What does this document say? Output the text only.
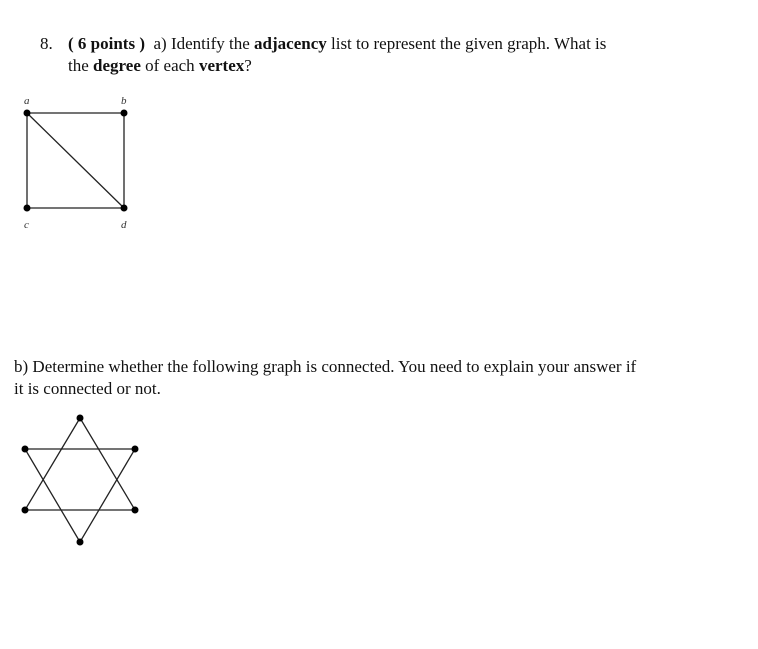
8. ( 6 points ) a) Identify the adjacency list to represent the given graph. What is
the degree of each vertex?
a	b
c	d
b) Determine whether the following graph is connected. You need to explain your answer if
it is connected or not.
